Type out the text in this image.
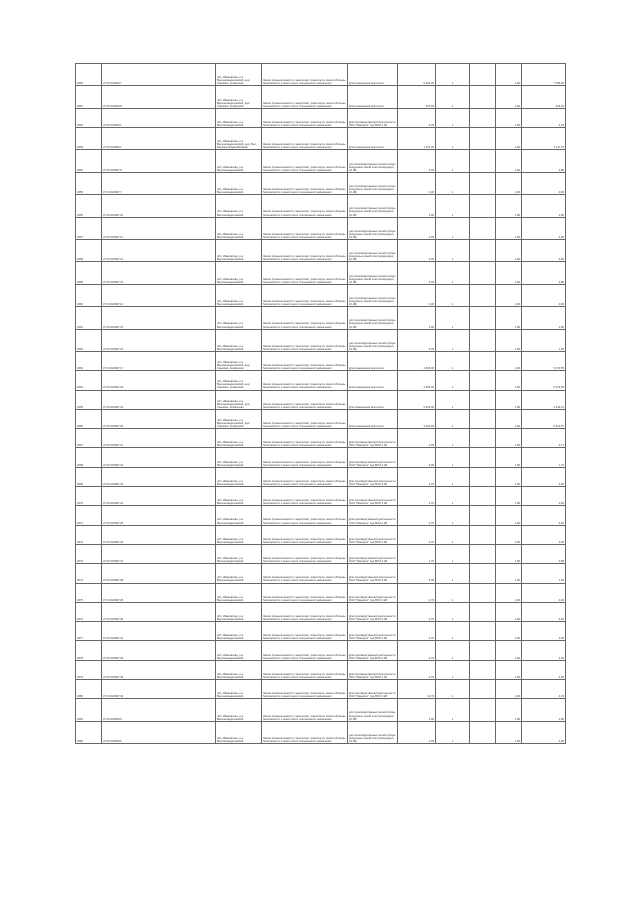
3050	37:01:010823:7	обл. Ивановская, р-н Верхнеландеховский, дер. Смыково, Агафоново	Земли промышленности, энергетики, транспорта, земли обороны, безопасности и земли иного специального назначения	Для размещения вертолета	5 100,00	1		1,00	7 095,00
3051	37:01:010823:8	обл. Ивановская, р-н Верхнеландеховский, дер. Смыково, Агафоново	Земли промышленности, энергетики, транспорта, земли обороны, безопасности и земли иного специального назначения	Для размещения вертолета	270,00	1		1,00	644,22
3052	37:01:010824:1	обл. Ивановская, р-н Верхнеландеховский	Земли промышленности, энергетики, транспорта, земли обороны, безопасности и земли иного специального назначения	Для производственной деятельности ОАО "Ивэнерго" под ВЛ-0,4 кВ	9,00	1		1,00	4,43
3053	37:01:010826:1	обл. Ивановская, р-н Верхнеландеховский, дер. Мыт-Берёзов Грядки-Вилкино	Земли промышленности, энергетики, транспорта, земли обороны, безопасности и земли иного специального назначения	Для размещения вертолета	1 647,00	1		1,00	3 147,76
3054	37:01:010827:6	обл. Ивановская, р-н Верхнеландеховский	Земли промышленности, энергетики, транспорта, земли обороны, безопасности и земли иного специального назначения	для производственных целей (опоры воздушных линий электропередачи 10 кВ)	3,00	1		1,00	0,90
3055	37:01:010827:7	обл. Ивановская, р-н Верхнеландеховский	Земли промышленности, энергетики, транспорта, земли обороны, безопасности и земли иного специального назначения	для производственных целей (опоры воздушных линий электропередачи 10 кВ)	3,00	1		1,00	0,90
3056	37:01:010827:10	обл. Ивановская, р-н Верхнеландеховский	Земли промышленности, энергетики, транспорта, земли обороны, безопасности и земли иного специального назначения	для производственных целей (опоры воздушных линий электропередачи 10 кВ)	3,00	1		1,00	0,90
3057	37:01:010827:11	обл. Ивановская, р-н Верхнеландеховский	Земли промышленности, энергетики, транспорта, земли обороны, безопасности и земли иного специального назначения	для производственных целей (опоры воздушных линий электропередачи 10 кВ)	3,00	1		1,00	0,90
3058	37:01:010827:12	обл. Ивановская, р-н Верхнеландеховский	Земли промышленности, энергетики, транспорта, земли обороны, безопасности и земли иного специального назначения	для производственных целей (опоры воздушных линий электропередачи 10 кВ)	3,00	1		1,00	0,90
3059	37:01:010827:13	обл. Ивановская, р-н Верхнеландеховский	Земли промышленности, энергетики, транспорта, земли обороны, безопасности и земли иного специального назначения	для производственных целей (опоры воздушных линий электропередачи 10 кВ)	3,00	1		1,00	0,90
3060	37:01:010827:14	обл. Ивановская, р-н Верхнеландеховский	Земли промышленности, энергетики, транспорта, земли обороны, безопасности и земли иного специального назначения	для производственных целей (опоры воздушных линий электропередачи 10 кВ)	3,00	1		1,00	0,90
3061	37:01:010827:15	обл. Ивановская, р-н Верхнеландеховский	Земли промышленности, энергетики, транспорта, земли обороны, безопасности и земли иного специального назначения	для производственных целей (опоры воздушных линий электропередачи 10 кВ)	3,00	1		1,00	0,90
3062	37:01:010827:16	обл. Ивановская, р-н Верхнеландеховский	Земли промышленности, энергетики, транспорта, земли обороны, безопасности и земли иного специального назначения	для производственных целей (опоры воздушных линий электропередачи 10 кВ)	6,00	1		1,00	1,82
3063	37:01:010827:17	обл. Ивановская, р-н Верхнеландеховский, дер. Смыково, Агафоново	Земли промышленности, энергетики, транспорта, земли обороны, безопасности и земли иного специального назначения	Для размещения вертолета	4 600,00	1		1,00	5 072,55
3064	37:01:010827:18	обл. Ивановская, р-н Верхнеландеховский, дер. Смыково, Агафоново	Земли промышленности, энергетики, транспорта, земли обороны, безопасности и земли иного специального назначения	Для размещения вертолета	4 600,00	1		1,00	5 072,55
3065	37:01:010827:19	обл. Ивановская, р-н Верхнеландеховский, дер. Смыково, Агафоново	Земли промышленности, энергетики, транспорта, земли обороны, безопасности и земли иного специального назначения	Для размещения вертолета	5 610,00	1		1,00	4 242,31
3066	37:01:010827:20	обл. Ивановская, р-н Верхнеландеховский, дер. Смыково, Агафоново	Земли промышленности, энергетики, транспорта, земли обороны, безопасности и земли иного специального назначения	Для размещения вертолета	4 492,00	1		1,00	5 421,57
3067	37:01:010827:21	обл. Ивановская, р-н Верхнеландеховский	Земли промышленности, энергетики, транспорта, земли обороны, безопасности и земли иного специального назначения	Для производственной деятельности ОАО "Ивэнерго" под ВЛ-0,4 кВ	2,00	1		1,00	0,71
3068	37:01:010827:22	обл. Ивановская, р-н Верхнеландеховский	Земли промышленности, энергетики, транспорта, земли обороны, безопасности и земли иного специального назначения	Для производственной деятельности ОАО "Ивэнерго" под ВЛ-0,4 кВ	5,00	1		1,00	1,70
3069	37:01:010827:23	обл. Ивановская, р-н Верхнеландеховский	Земли промышленности, энергетики, транспорта, земли обороны, безопасности и земли иного специального назначения	Для производственной деятельности ОАО "Ивэнерго" под ВЛ-0,4 кВ	2,70	1		1,00	0,92
3070	37:01:010827:24	обл. Ивановская, р-н Верхнеландеховский	Земли промышленности, энергетики, транспорта, земли обороны, безопасности и земли иного специального назначения	Для производственной деятельности ОАО "Ивэнерго" под ВЛ-0,4 кВ	2,70	1		1,00	0,92
3071	37:01:010827:25	обл. Ивановская, р-н Верхнеландеховский	Земли промышленности, энергетики, транспорта, земли обороны, безопасности и земли иного специального назначения	Для производственной деятельности ОАО "Ивэнерго" под ВЛ-0,4 кВ	2,70	1		1,00	0,92
3072	37:01:010827:26	обл. Ивановская, р-н Верхнеландеховский	Земли промышленности, энергетики, транспорта, земли обороны, безопасности и земли иного специального назначения	Для производственной деятельности ОАО "Ивэнерго" под ВЛ-0,4 кВ	2,70	1		1,00	0,92
3073	37:01:010827:27	обл. Ивановская, р-н Верхнеландеховский	Земли промышленности, энергетики, транспорта, земли обороны, безопасности и земли иного специального назначения	Для производственной деятельности ОАО "Ивэнерго" под ВЛ-0,4 кВ	1,70	1		1,00	0,58
3074	37:01:010827:28	обл. Ивановская, р-н Верхнеландеховский	Земли промышленности, энергетики, транспорта, земли обороны, безопасности и земли иного специального назначения	Для производственной деятельности ОАО "Ивэнерго" под ВЛ-0,4 кВ	5,40	1		1,00	1,84
3075	37:01:010827:29	обл. Ивановская, р-н Верхнеландеховский	Земли промышленности, энергетики, транспорта, земли обороны, безопасности и земли иного специального назначения	Для производственной деятельности ОАО "Ивэнерго" под ВЛ-0,4 кВ	2,70	1		1,00	0,92
3076	37:01:010827:30	обл. Ивановская, р-н Верхнеландеховский	Земли промышленности, энергетики, транспорта, земли обороны, безопасности и земли иного специального назначения	Для производственной деятельности ОАО "Ивэнерго" под ВЛ-0,4 кВ	2,70	1		1,00	0,92
3077	37:01:010827:31	обл. Ивановская, р-н Верхнеландеховский	Земли промышленности, энергетики, транспорта, земли обороны, безопасности и земли иного специального назначения	Для производственной деятельности ОАО "Ивэнерго" под ВЛ-0,4 кВ	2,70	1		1,00	0,92
3078	37:01:010827:32	обл. Ивановская, р-н Верхнеландеховский	Земли промышленности, энергетики, транспорта, земли обороны, безопасности и земли иного специального назначения	Для производственной деятельности ОАО "Ивэнерго" под ВЛ-0,4 кВ	2,70	1		1,00	0,92
3079	37:01:010827:33	обл. Ивановская, р-н Верхнеландеховский	Земли промышленности, энергетики, транспорта, земли обороны, безопасности и земли иного специального назначения	Для производственной деятельности ОАО "Ивэнерго" под ВЛ-0,4 кВ	2,70	1		1,00	0,92
3080	37:01:010827:34	обл. Ивановская, р-н Верхнеландеховский	Земли промышленности, энергетики, транспорта, земли обороны, безопасности и земли иного специального назначения	Для производственной деятельности ОАО "Ивэнерго" под ВЛ-0,4 кВ	12,70	1		1,00	4,33
3081	37:01:010828:5	обл. Ивановская, р-н Верхнеландеховский	Земли промышленности, энергетики, транспорта, земли обороны, безопасности и земли иного специального назначения	для производственных целей (опоры воздушных линий электропередачи 10 кВ)	3,00	1		1,00	0,90
3082	37:01:010828:6	обл. Ивановская, р-н Верхнеландеховский	Земли промышленности, энергетики, транспорта, земли обороны, безопасности и земли иного специального назначения	для производственных целей (опоры воздушных линий электропередачи 10 кВ)	3,00	1		1,00	0,90
